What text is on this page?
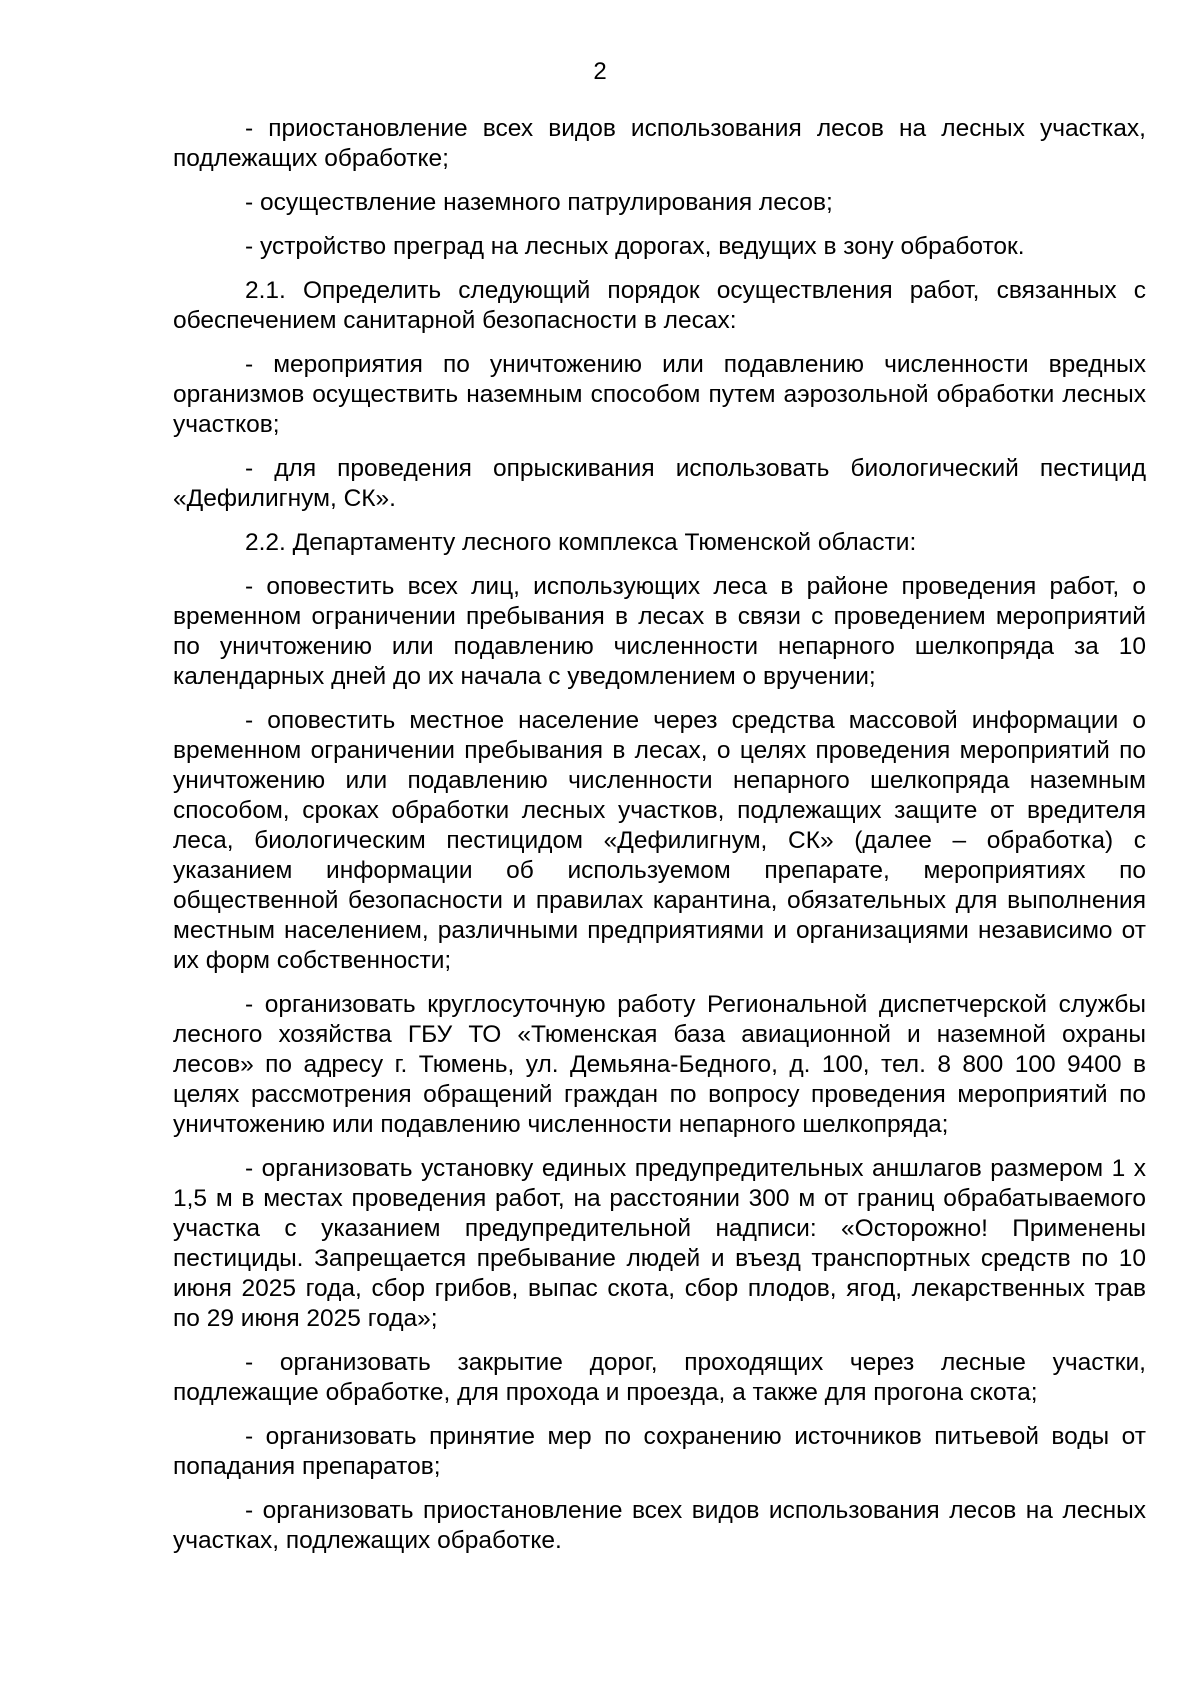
2

- приостановление всех видов использования лесов на лесных участках, подлежащих обработке;

- осуществление наземного патрулирования лесов;

- устройство преград на лесных дорогах, ведущих в зону обработок.

2.1. Определить следующий порядок осуществления работ, связанных с обеспечением санитарной безопасности в лесах:

- мероприятия по уничтожению или подавлению численности вредных организмов осуществить наземным способом путем аэрозольной обработки лесных участков;

- для проведения опрыскивания использовать биологический пестицид «Дефилигнум, СК».

2.2. Департаменту лесного комплекса Тюменской области:

- оповестить всех лиц, использующих леса в районе проведения работ, о временном ограничении пребывания в лесах в связи с проведением мероприятий по уничтожению или подавлению численности непарного шелкопряда за 10 календарных дней до их начала с уведомлением о вручении;

- оповестить местное население через средства массовой информации о временном ограничении пребывания в лесах, о целях проведения мероприятий по уничтожению или подавлению численности непарного шелкопряда наземным способом, сроках обработки лесных участков, подлежащих защите от вредителя леса, биологическим пестицидом «Дефилигнум, СК» (далее – обработка) с указанием информации об используемом препарате, мероприятиях по общественной безопасности и правилах карантина, обязательных для выполнения местным населением, различными предприятиями и организациями независимо от их форм собственности;

- организовать круглосуточную работу Региональной диспетчерской службы лесного хозяйства ГБУ ТО «Тюменская база авиационной и наземной охраны лесов» по адресу г. Тюмень, ул. Демьяна-Бедного, д. 100, тел. 8 800 100 9400 в целях рассмотрения обращений граждан по вопросу проведения мероприятий по уничтожению или подавлению численности непарного шелкопряда;

- организовать установку единых предупредительных аншлагов размером 1 х 1,5 м в местах проведения работ, на расстоянии 300 м от границ обрабатываемого участка с указанием предупредительной надписи: «Осторожно! Применены пестициды. Запрещается пребывание людей и въезд транспортных средств по 10 июня 2025 года, сбор грибов, выпас скота, сбор плодов, ягод, лекарственных трав по 29 июня 2025 года»;

- организовать закрытие дорог, проходящих через лесные участки, подлежащие обработке, для прохода и проезда, а также для прогона скота;

- организовать принятие мер по сохранению источников питьевой воды от попадания препаратов;

- организовать приостановление всех видов использования лесов на лесных участках, подлежащих обработке.
